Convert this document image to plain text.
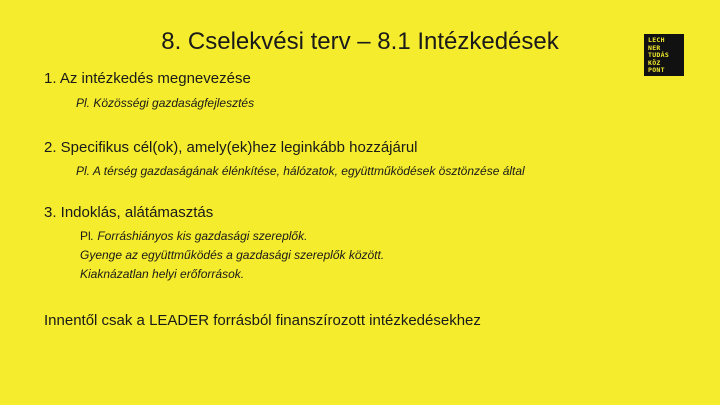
8. Cselekvési terv – 8.1 Intézkedések	LECH
NER
TUDÁS
KÖZ
PONT
1. Az intézkedés megnevezése
Pl. Közösségi gazdaságfejlesztés
2. Specifikus cél(ok), amely(ek)hez leginkább hozzájárul
Pl. A térség gazdaságának élénkítése, hálózatok, együttműködések ösztönzése által
3. Indoklás, alátámasztás
Pl. Forráshiányos kis gazdasági szereplők.
Gyenge az együttműködés a gazdasági szereplők között.
Kiaknázatlan helyi erőforrások.
Innentől csak a LEADER forrásból finanszírozott intézkedésekhez
